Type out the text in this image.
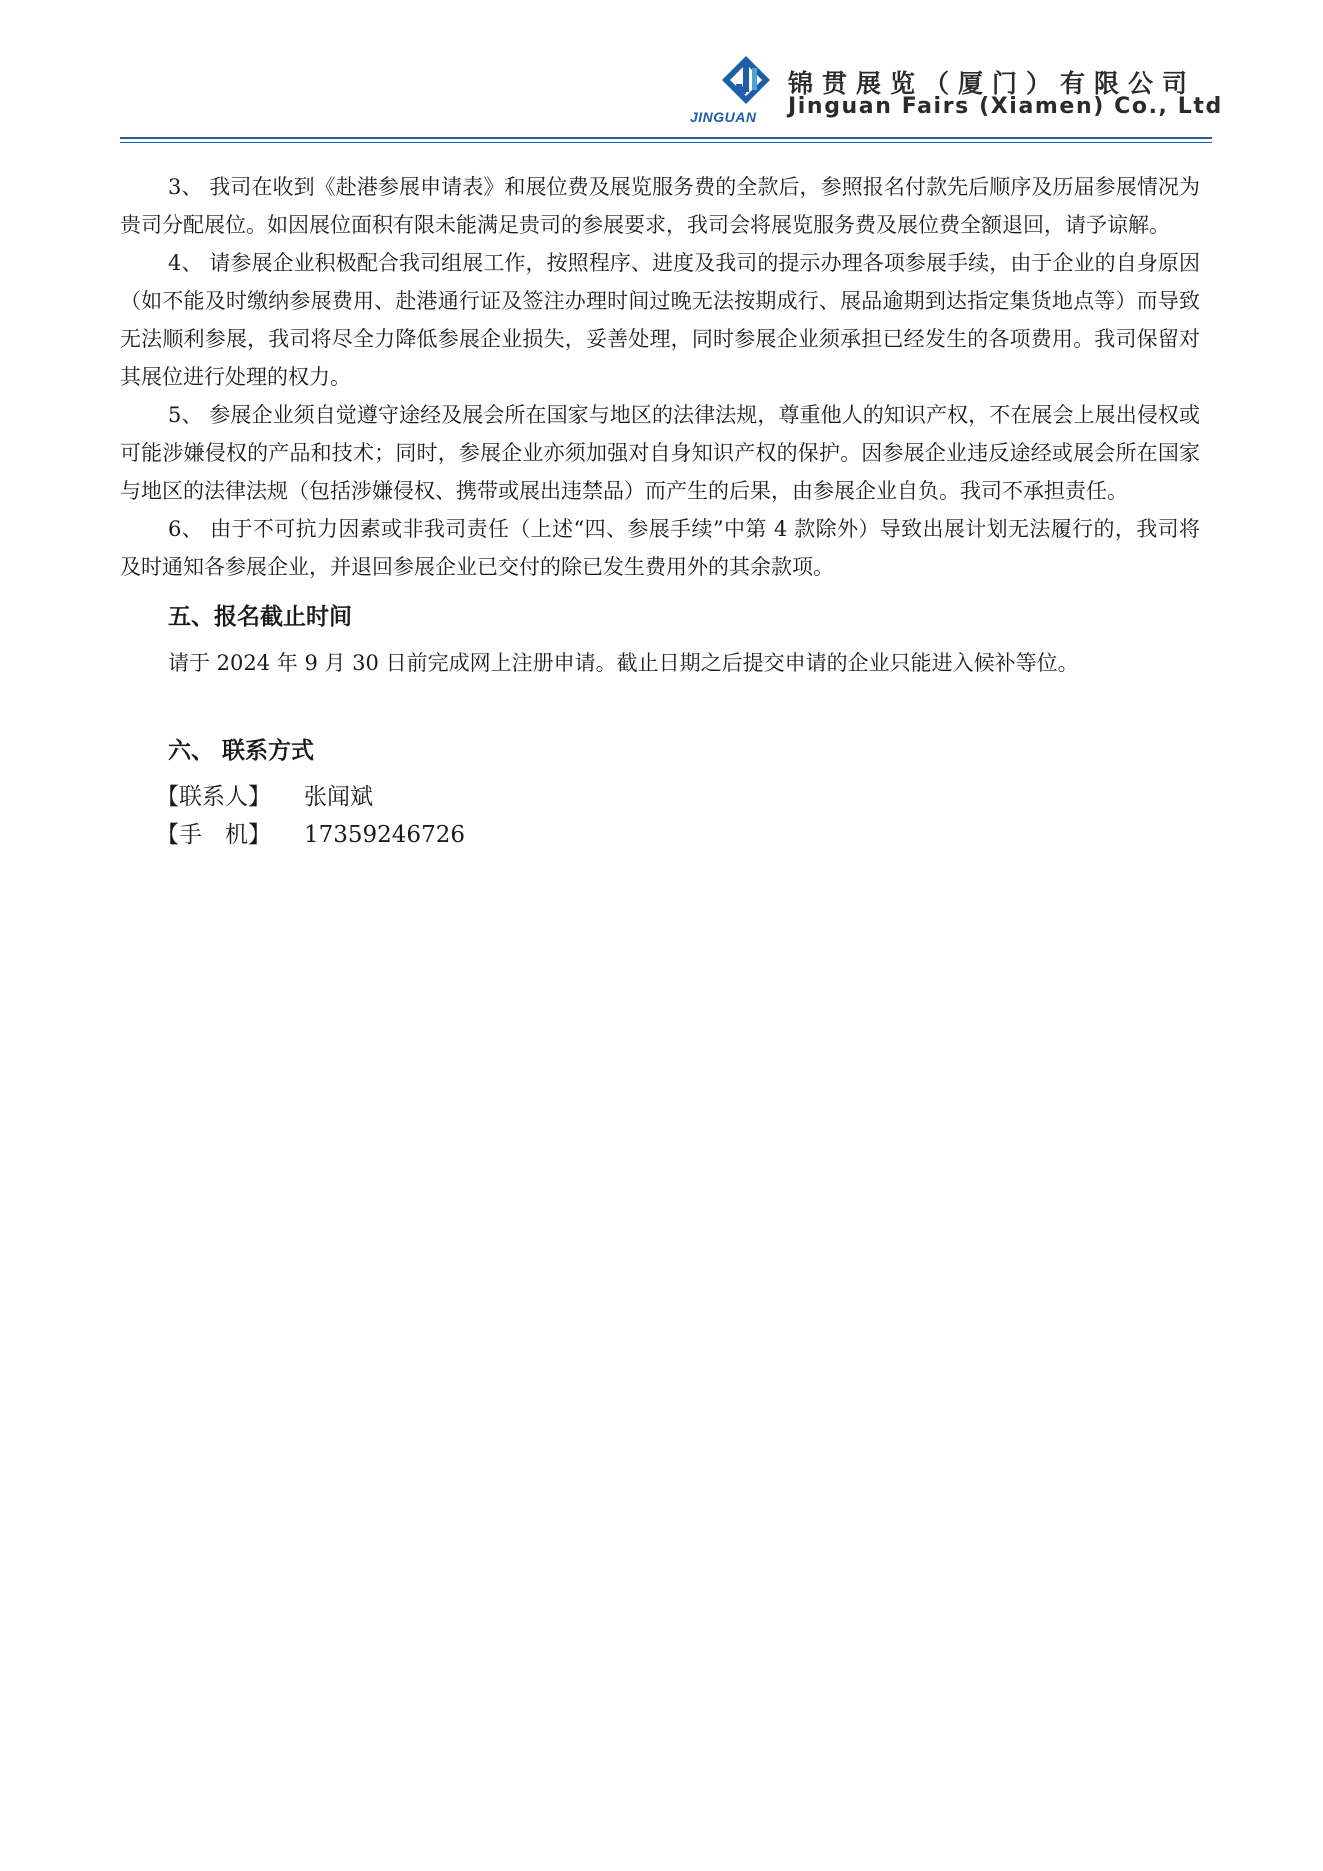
JINGUAN
锦贯展览（厦门）有限公司
Jinguan Fairs (Xiamen) Co., Ltd

3、 我司在收到《赴港参展申请表》和展位费及展览服务费的全款后，参照报名付款先后顺序及历届参展情况为贵司分配展位。如因展位面积有限未能满足贵司的参展要求，我司会将展览服务费及展位费全额退回，请予谅解。

4、 请参展企业积极配合我司组展工作，按照程序、进度及我司的提示办理各项参展手续，由于企业的自身原因（如不能及时缴纳参展费用、赴港通行证及签注办理时间过晚无法按期成行、展品逾期到达指定集货地点等）而导致无法顺利参展，我司将尽全力降低参展企业损失，妥善处理，同时参展企业须承担已经发生的各项费用。我司保留对其展位进行处理的权力。

5、 参展企业须自觉遵守途经及展会所在国家与地区的法律法规，尊重他人的知识产权，不在展会上展出侵权或可能涉嫌侵权的产品和技术；同时，参展企业亦须加强对自身知识产权的保护。因参展企业违反途经或展会所在国家与地区的法律法规（包括涉嫌侵权、携带或展出违禁品）而产生的后果，由参展企业自负。我司不承担责任。

6、 由于不可抗力因素或非我司责任（上述“四、参展手续”中第 4 款除外）导致出展计划无法履行的，我司将及时通知各参展企业，并退回参展企业已交付的除已发生费用外的其余款项。

五、报名截止时间

请于 2024 年 9 月 30 日前完成网上注册申请。截止日期之后提交申请的企业只能进入候补等位。

六、 联系方式
【联系人】 张闻斌
【手　机】 17359246726
